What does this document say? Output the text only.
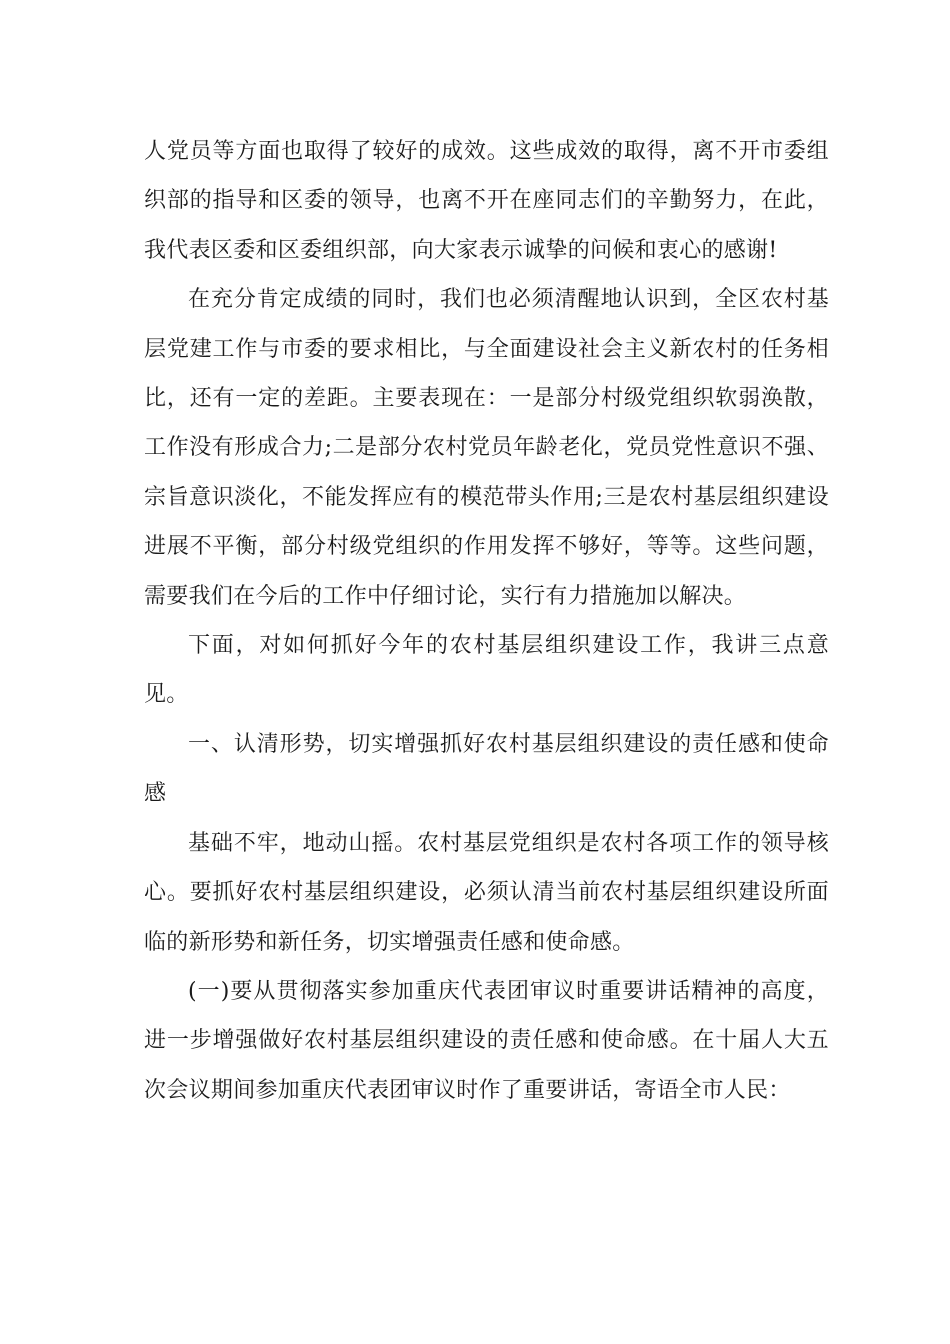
人党员等方面也取得了较好的成效。这些成效的取得，离不开市委组织部的指导和区委的领导，也离不开在座同志们的辛勤努力，在此，我代表区委和区委组织部，向大家表示诚挚的问候和衷心的感谢!

在充分肯定成绩的同时，我们也必须清醒地认识到，全区农村基层党建工作与市委的要求相比，与全面建设社会主义新农村的任务相比，还有一定的差距。主要表现在：一是部分村级党组织软弱涣散，工作没有形成合力;二是部分农村党员年龄老化，党员党性意识不强、宗旨意识淡化，不能发挥应有的模范带头作用;三是农村基层组织建设进展不平衡，部分村级党组织的作用发挥不够好，等等。这些问题，需要我们在今后的工作中仔细讨论，实行有力措施加以解决。

下面，对如何抓好今年的农村基层组织建设工作，我讲三点意见。

一、认清形势，切实增强抓好农村基层组织建设的责任感和使命感

基础不牢，地动山摇。农村基层党组织是农村各项工作的领导核心。要抓好农村基层组织建设，必须认清当前农村基层组织建设所面临的新形势和新任务，切实增强责任感和使命感。

(一)要从贯彻落实参加重庆代表团审议时重要讲话精神的高度，进一步增强做好农村基层组织建设的责任感和使命感。在十届人大五次会议期间参加重庆代表团审议时作了重要讲话，寄语全市人民：
